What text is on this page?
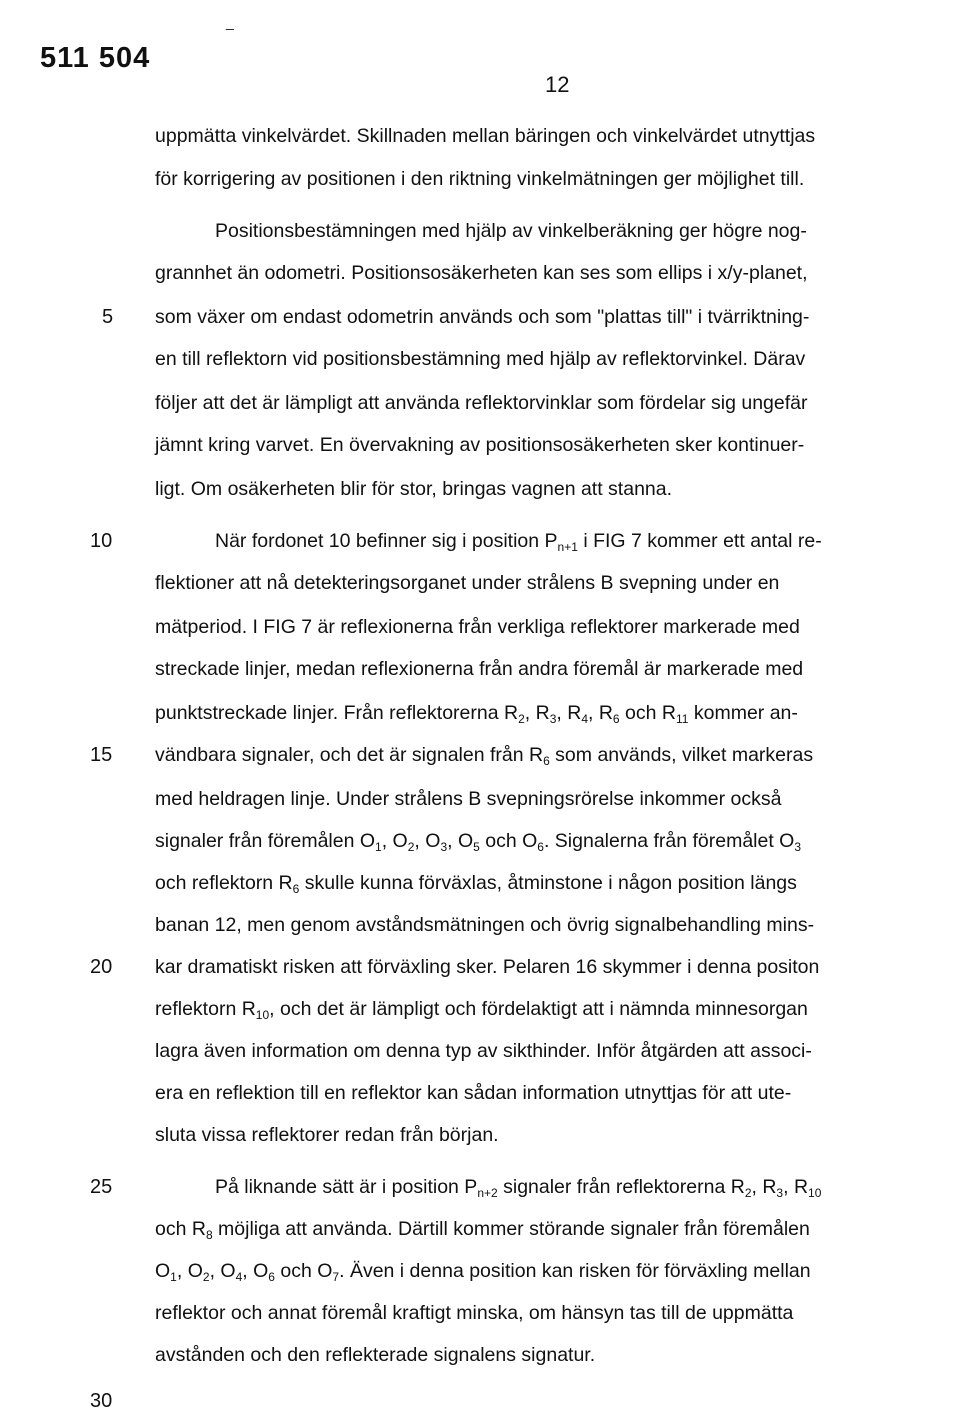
_
511 504
12
5
10
15
20
25
30
uppmätta vinkelvärdet. Skillnaden mellan bäringen och vinkelvärdet utnyttjas
för korrigering av positionen i den riktning vinkelmätningen ger möjlighet till.
Positionsbestämningen med hjälp av vinkelberäkning ger högre nog-
grannhet än odometri. Positionsosäkerheten kan ses som ellips i x/y-planet,
som växer om endast odometrin används och som "plattas till" i tvärriktning-
en till reflektorn vid positionsbestämning med hjälp av reflektorvinkel. Därav
följer att det är lämpligt att använda reflektorvinklar som fördelar sig ungefär
jämnt kring varvet. En övervakning av positionsosäkerheten sker kontinuer-
ligt. Om osäkerheten blir för stor, bringas vagnen att stanna.
När fordonet 10 befinner sig i position $P_{n+1}$ i FIG 7 kommer ett antal re-
flektioner att nå detekteringsorganet under strålens B svepning under en
mätperiod. I FIG 7 är reflexionerna från verkliga reflektorer markerade med
streckade linjer, medan reflexionerna från andra föremål är markerade med
punktstreckade linjer. Från reflektorerna $R_2$, $R_3$, $R_4$, $R_6$ och $R_{11}$ kommer an-
vändbara signaler, och det är signalen från $R_6$ som används, vilket markeras
med heldragen linje. Under strålens B svepningsrörelse inkommer också
signaler från föremålen $O_1$, $O_2$, $O_3$, $O_5$ och $O_6$. Signalerna från föremålet $O_3$
och reflektorn $R_6$ skulle kunna förväxlas, åtminstone i någon position längs
banan 12, men genom avståndsmätningen och övrig signalbehandling mins-
kar dramatiskt risken att förväxling sker. Pelaren 16 skymmer i denna positon
reflektorn $R_{10}$, och det är lämpligt och fördelaktigt att i nämnda minnesorgan
lagra även information om denna typ av sikthinder. Inför åtgärden att associ-
era en reflektion till en reflektor kan sådan information utnyttjas för att ute-
sluta vissa reflektorer redan från början.
På liknande sätt är i position $P_{n+2}$ signaler från reflektorerna $R_2$, $R_3$, $R_{10}$
och $R_8$ möjliga att använda. Därtill kommer störande signaler från föremålen
$O_1$, $O_2$, $O_4$, $O_6$ och $O_7$. Även i denna position kan risken för förväxling mellan
reflektor och annat föremål kraftigt minska, om hänsyn tas till de uppmätta
avstånden och den reflekterade signalens signatur.
